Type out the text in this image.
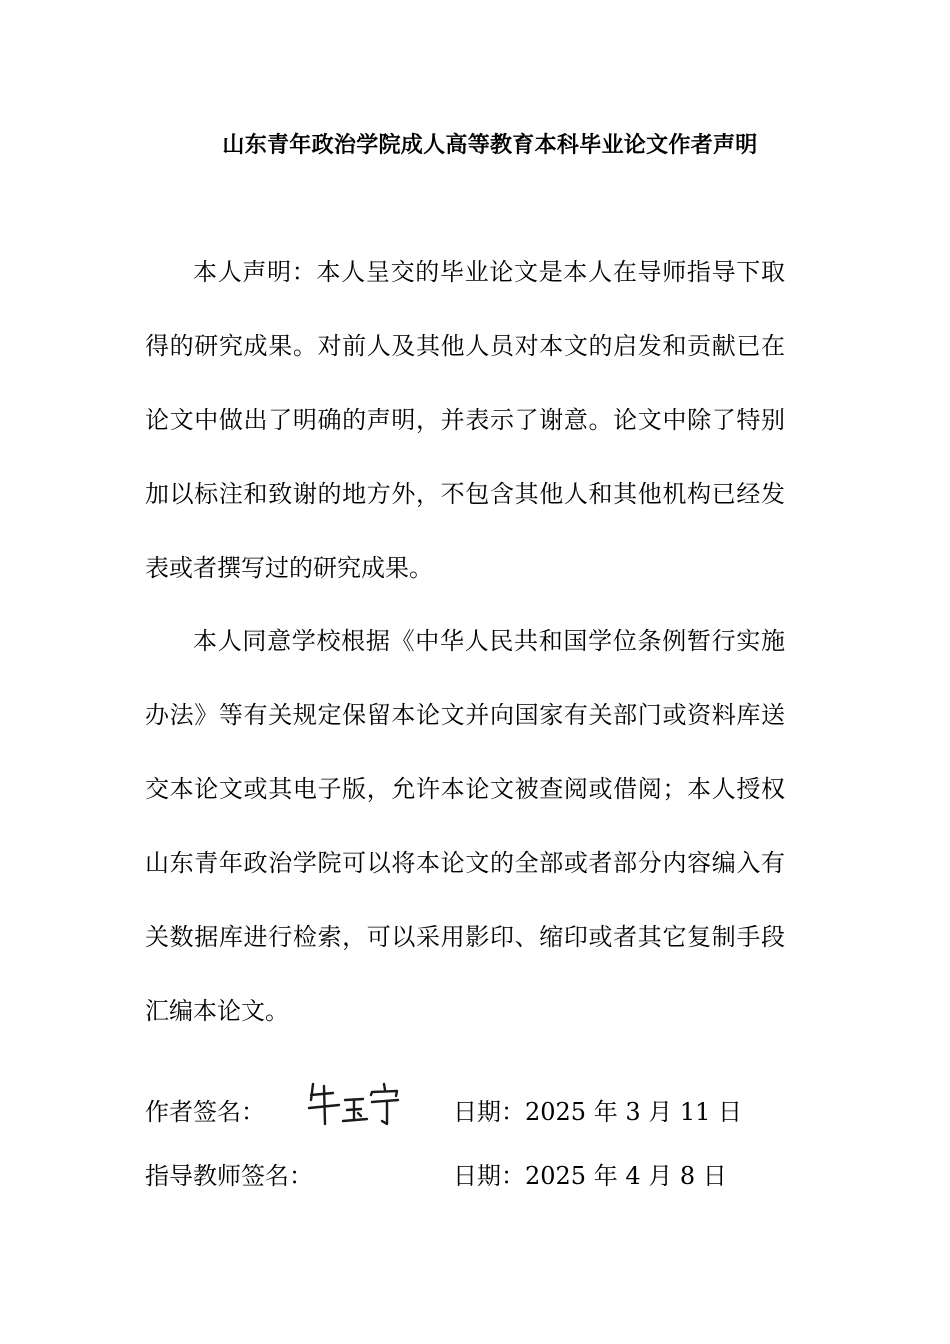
山东青年政治学院成人高等教育本科毕业论文作者声明

本人声明：本人呈交的毕业论文是本人在导师指导下取得的研究成果。对前人及其他人员对本文的启发和贡献已在论文中做出了明确的声明，并表示了谢意。论文中除了特别加以标注和致谢的地方外，不包含其他人和其他机构已经发表或者撰写过的研究成果。

本人同意学校根据《中华人民共和国学位条例暂行实施办法》等有关规定保留本论文并向国家有关部门或资料库送交本论文或其电子版，允许本论文被查阅或借阅；本人授权山东青年政治学院可以将本论文的全部或者部分内容编入有关数据库进行检索，可以采用影印、缩印或者其它复制手段汇编本论文。

作者签名：	日期：2025 年 3 月 11 日
指导教师签名：	日期：2025 年 4 月 8 日
